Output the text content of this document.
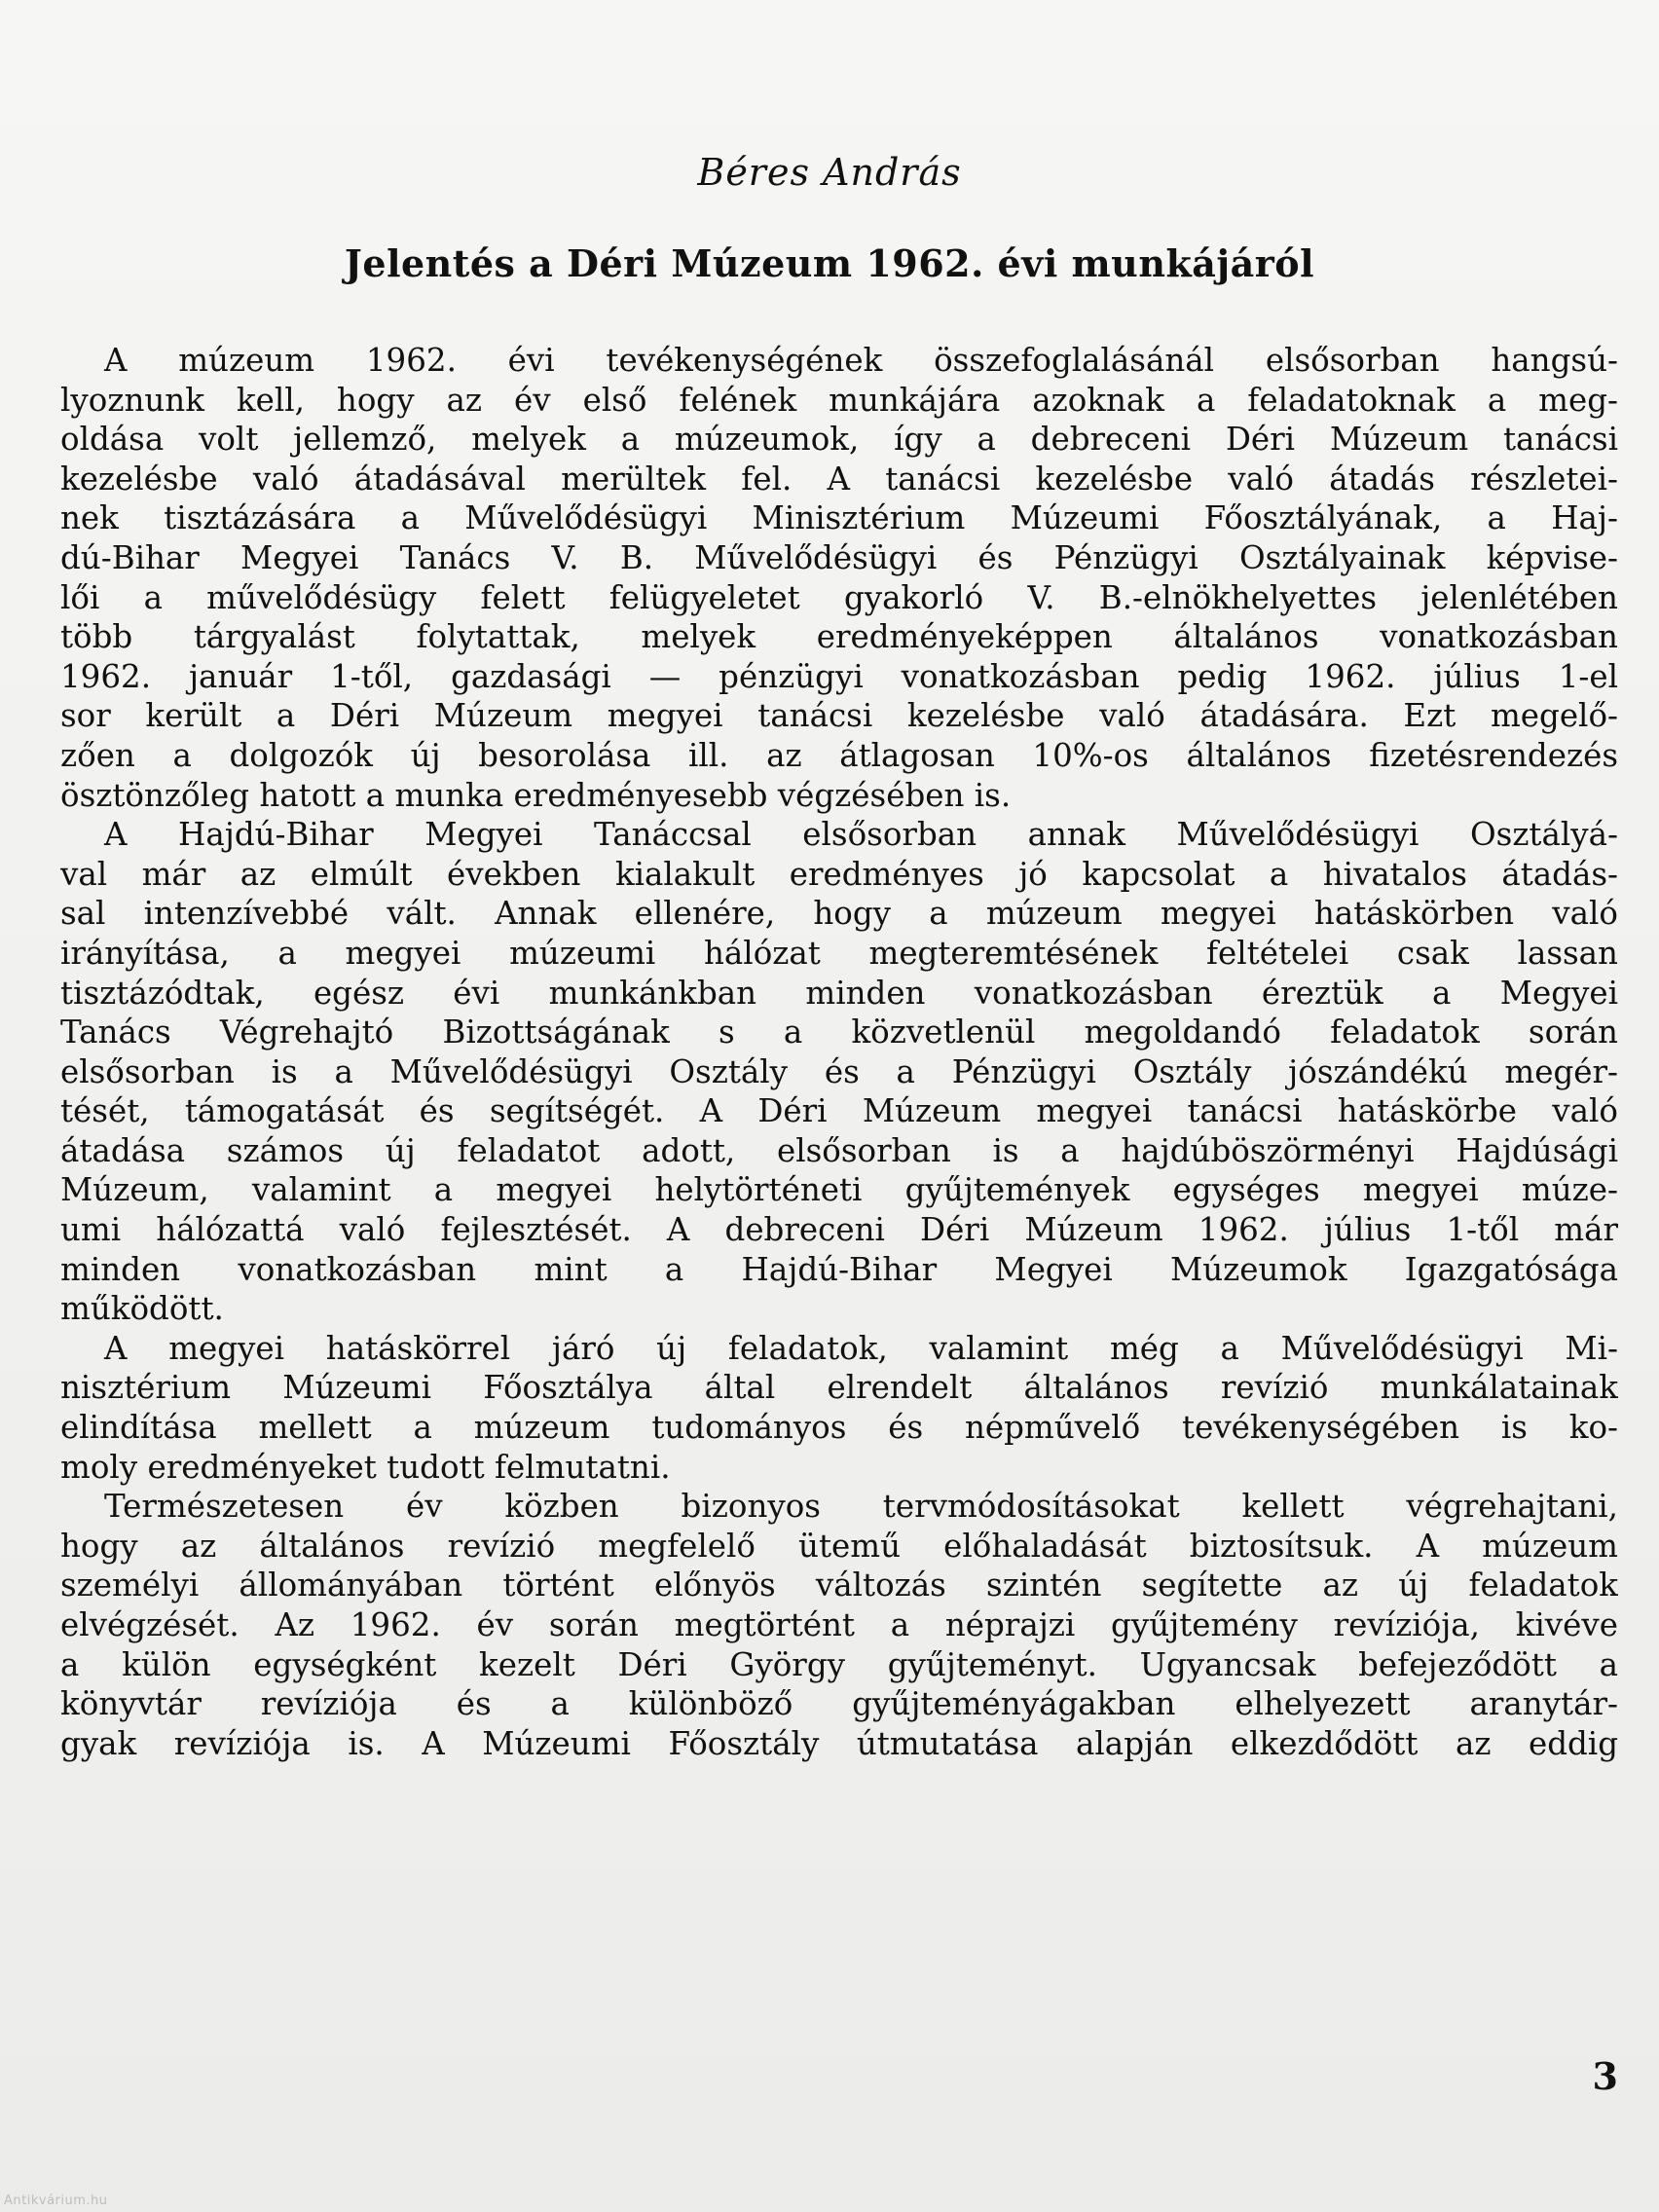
Béres András
Jelentés a Déri Múzeum 1962. évi munkájáról
A múzeum 1962. évi tevékenységének összefoglalásánál elsősorban hangsú-
lyoznunk kell, hogy az év első felének munkájára azoknak a feladatoknak a meg-
oldása volt jellemző, melyek a múzeumok, így a debreceni Déri Múzeum tanácsi
kezelésbe való átadásával merültek fel. A tanácsi kezelésbe való átadás részletei-
nek tisztázására a Művelődésügyi Minisztérium Múzeumi Főosztályának, a Haj-
dú-Bihar Megyei Tanács V. B. Művelődésügyi és Pénzügyi Osztályainak képvise-
lői a művelődésügy felett felügyeletet gyakorló V. B.-elnökhelyettes jelenlétében
több tárgyalást folytattak, melyek eredményeképpen általános vonatkozásban
1962. január 1-től, gazdasági — pénzügyi vonatkozásban pedig 1962. július 1-el
sor került a Déri Múzeum megyei tanácsi kezelésbe való átadására. Ezt megelő-
zően a dolgozók új besorolása ill. az átlagosan 10%-os általános fizetésrendezés
ösztönzőleg hatott a munka eredményesebb végzésében is.
A Hajdú-Bihar Megyei Tanáccsal elsősorban annak Művelődésügyi Osztályá-
val már az elmúlt években kialakult eredményes jó kapcsolat a hivatalos átadás-
sal intenzívebbé vált. Annak ellenére, hogy a múzeum megyei hatáskörben való
irányítása, a megyei múzeumi hálózat megteremtésének feltételei csak lassan
tisztázódtak, egész évi munkánkban minden vonatkozásban éreztük a Megyei
Tanács Végrehajtó Bizottságának s a közvetlenül megoldandó feladatok során
elsősorban is a Művelődésügyi Osztály és a Pénzügyi Osztály jószándékú megér-
tését, támogatását és segítségét. A Déri Múzeum megyei tanácsi hatáskörbe való
átadása számos új feladatot adott, elsősorban is a hajdúböszörményi Hajdúsági
Múzeum, valamint a megyei helytörténeti gyűjtemények egységes megyei múze-
umi hálózattá való fejlesztését. A debreceni Déri Múzeum 1962. július 1-től már
minden vonatkozásban mint a Hajdú-Bihar Megyei Múzeumok Igazgatósága
működött.
A megyei hatáskörrel járó új feladatok, valamint még a Művelődésügyi Mi-
nisztérium Múzeumi Főosztálya által elrendelt általános revízió munkálatainak
elindítása mellett a múzeum tudományos és népművelő tevékenységében is ko-
moly eredményeket tudott felmutatni.
Természetesen év közben bizonyos tervmódosításokat kellett végrehajtani,
hogy az általános revízió megfelelő ütemű előhaladását biztosítsuk. A múzeum
személyi állományában történt előnyös változás szintén segítette az új feladatok
elvégzését. Az 1962. év során megtörtént a néprajzi gyűjtemény revíziója, kivéve
a külön egységként kezelt Déri György gyűjteményt. Ugyancsak befejeződött a
könyvtár revíziója és a különböző gyűjteményágakban elhelyezett aranytár-
gyak revíziója is. A Múzeumi Főosztály útmutatása alapján elkezdődött az eddig
3
Antikvárium.hu
